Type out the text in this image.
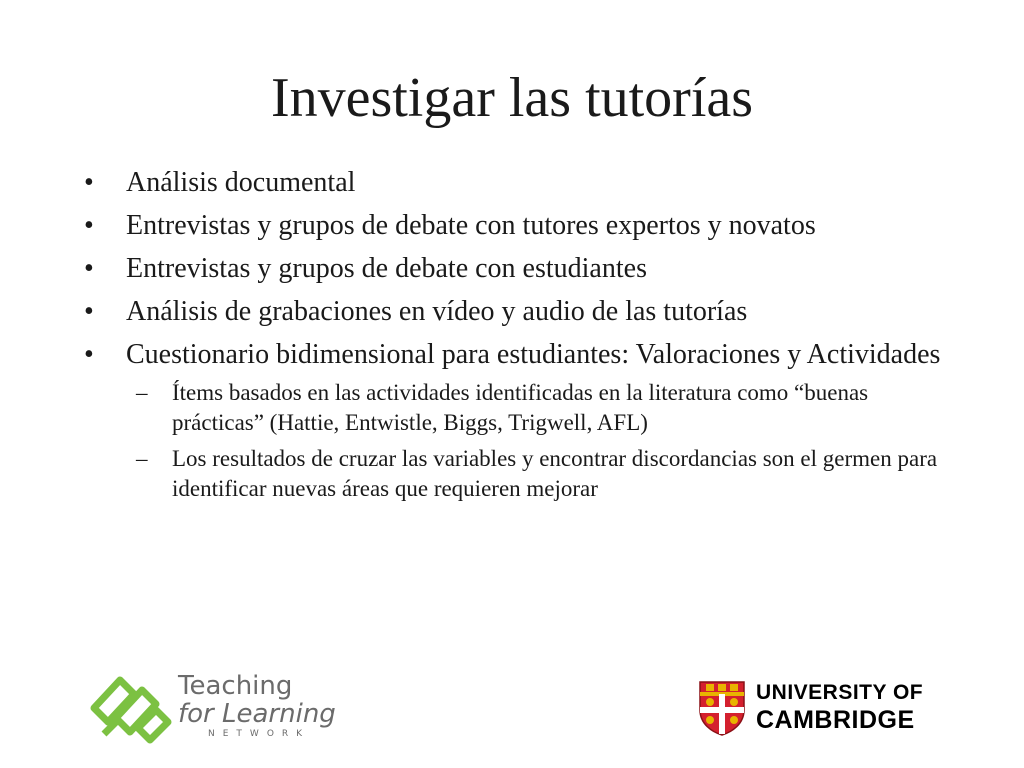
Investigar las tutorías
•	Análisis documental
•	Entrevistas y grupos de debate con tutores expertos y novatos
•	Entrevistas y grupos de debate con estudiantes
•	Análisis de grabaciones en vídeo y audio de las tutorías
•	Cuestionario bidimensional para estudiantes: Valoraciones y Actividades
–	Ítems basados en las actividades identificadas en la literatura como “buenas prácticas” (Hattie, Entwistle, Biggs, Trigwell, AFL)
–	Los resultados de cruzar las variables y encontrar discordancias son el germen para identificar nuevas áreas que requieren mejorar
Teaching
for Learning
NETWORK
UNIVERSITY OF
CAMBRIDGE
